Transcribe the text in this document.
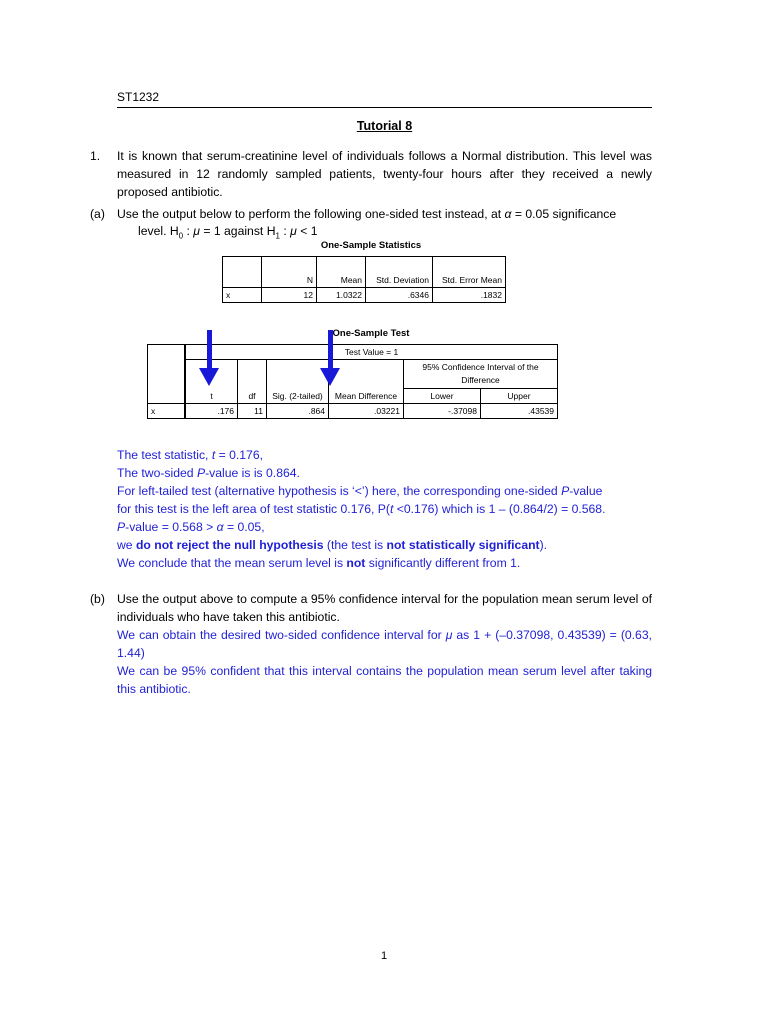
ST1232
Tutorial 8
1. It is known that serum-creatinine level of individuals follows a Normal distribution. This level was measured in 12 randomly sampled patients, twenty-four hours after they received a newly proposed antibiotic.
(a) Use the output below to perform the following one-sided test instead, at α = 0.05 significance
level. $H_0$ : μ = 1 against $H_1$ : μ < 1
One-Sample Statistics

	N	Mean	Std. Deviation	Std. Error Mean
x	12	1.0322	.6346	.1832
One-Sample Test
	Test Value = 1					
					95% Confidence Interval of the Difference	
	t	df	Sig. (2-tailed)	Mean Difference	Lower	Upper
x	.176	11	.864	.03221	-.37098	.43539
The test statistic, t = 0.176,
The two-sided P-value is is 0.864.
For left-tailed test (alternative hypothesis is ‘<’) here, the corresponding one-sided P-value
for this test is the left area of test statistic 0.176, P(t <0.176) which is 1 – (0.864/2) = 0.568.
P-value = 0.568 > α = 0.05,
we do not reject the null hypothesis (the test is not statistically significant).
We conclude that the mean serum level is not significantly different from 1.
(b) Use the output above to compute a 95% confidence interval for the population mean serum level of individuals who have taken this antibiotic.
We can obtain the desired two-sided confidence interval for μ as 1 + (–0.37098, 0.43539) = (0.63, 1.44)
We can be 95% confident that this interval contains the population mean serum level after taking this antibiotic.
1
